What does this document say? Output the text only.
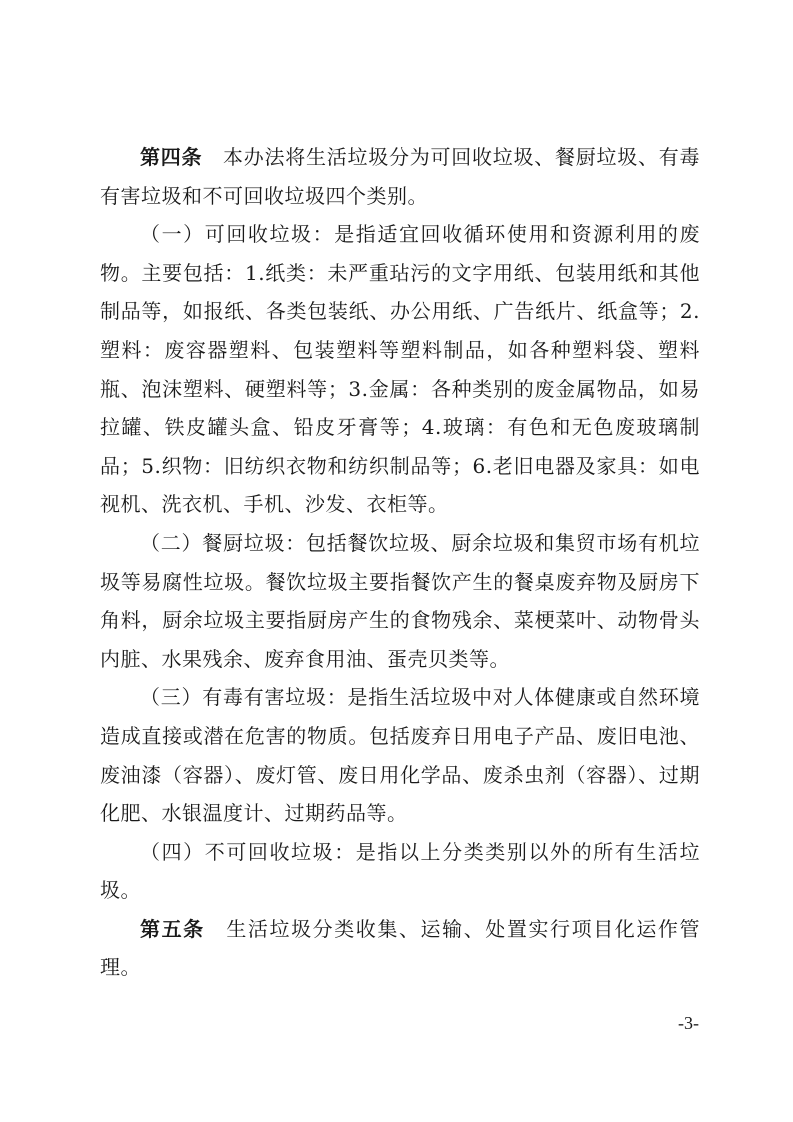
第四条　本办法将生活垃圾分为可回收垃圾、餐厨垃圾、有毒有害垃圾和不可回收垃圾四个类别。

（一）可回收垃圾：是指适宜回收循环使用和资源利用的废物。主要包括：1.纸类：未严重玷污的文字用纸、包装用纸和其他制品等，如报纸、各类包装纸、办公用纸、广告纸片、纸盒等；2.塑料：废容器塑料、包装塑料等塑料制品，如各种塑料袋、塑料瓶、泡沫塑料、硬塑料等；3.金属：各种类别的废金属物品，如易拉罐、铁皮罐头盒、铅皮牙膏等；4.玻璃：有色和无色废玻璃制品；5.织物：旧纺织衣物和纺织制品等；6.老旧电器及家具：如电视机、洗衣机、手机、沙发、衣柜等。

（二）餐厨垃圾：包括餐饮垃圾、厨余垃圾和集贸市场有机垃圾等易腐性垃圾。餐饮垃圾主要指餐饮产生的餐桌废弃物及厨房下角料，厨余垃圾主要指厨房产生的食物残余、菜梗菜叶、动物骨头内脏、水果残余、废弃食用油、蛋壳贝类等。

（三）有毒有害垃圾：是指生活垃圾中对人体健康或自然环境造成直接或潜在危害的物质。包括废弃日用电子产品、废旧电池、废油漆（容器）、废灯管、废日用化学品、废杀虫剂（容器）、过期化肥、水银温度计、过期药品等。

（四）不可回收垃圾：是指以上分类类别以外的所有生活垃圾。

第五条　生活垃圾分类收集、运输、处置实行项目化运作管理。

-3-
